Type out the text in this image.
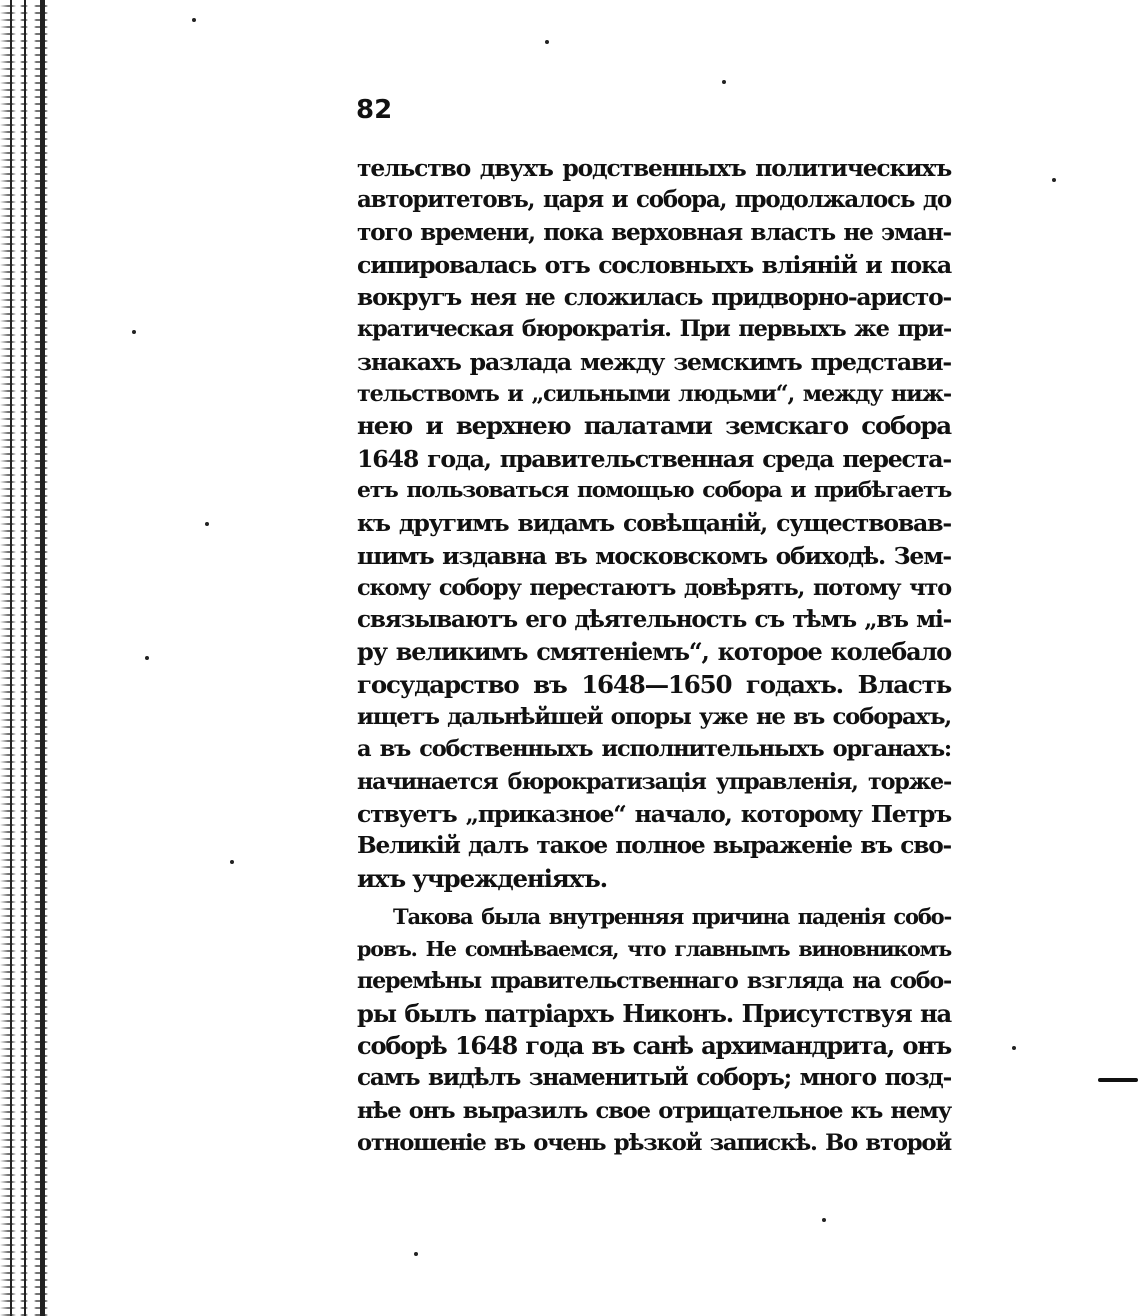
82
тельство двухъ родственныхъ политическихъ
авторитетовъ, царя и собора, продолжалось до
того времени, пока верховная власть не эман-
сипировалась отъ сословныхъ вліяній и пока
вокругъ нея не сложилась придворно-аристо-
кратическая бюрократія. При первыхъ же при-
знакахъ разлада между земскимъ представи-
тельствомъ и „сильными людьми“, между ниж-
нею и верхнею палатами земскаго собора
1648 года, правительственная среда переста-
етъ пользоваться помощью собора и прибѣгаетъ
къ другимъ видамъ совѣщаній, существовав-
шимъ издавна въ московскомъ обиходѣ. Зем-
скому собору перестаютъ довѣрять, потому что
связываютъ его дѣятельность съ тѣмъ „въ мі-
ру великимъ смятеніемъ“, которое колебало
государство въ 1648—1650 годахъ. Власть
ищетъ дальнѣйшей опоры уже не въ соборахъ,
а въ собственныхъ исполнительныхъ органахъ:
начинается бюрократизація управленія, торже-
ствуетъ „приказное“ начало, которому Петръ
Великій далъ такое полное выраженіе въ сво-
ихъ учрежденіяхъ.
Такова была внутренняя причина паденія собо-
ровъ. Не сомнѣваемся, что главнымъ виновникомъ
перемѣны правительственнаго взгляда на собо-
ры былъ патріархъ Никонъ. Присутствуя на
соборѣ 1648 года въ санѣ архимандрита, онъ
самъ видѣлъ знаменитый соборъ; много позд-
нѣе онъ выразилъ свое отрицательное къ нему
отношеніе въ очень рѣзкой запискѣ. Во второй
